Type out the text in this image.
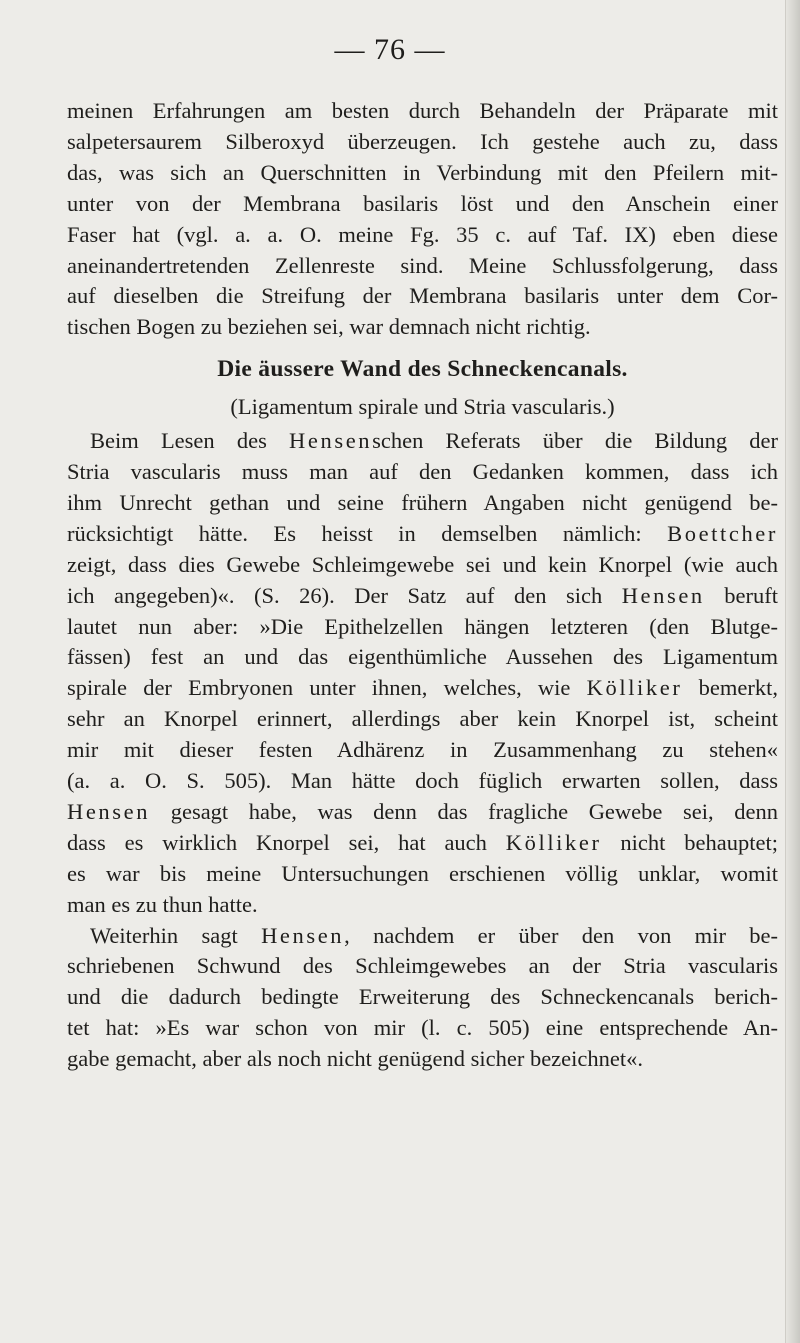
— 76 —

meinen Erfahrungen am besten durch Behandeln der Präparate mit

salpetersaurem Silberoxyd überzeugen. Ich gestehe auch zu, dass

das, was sich an Querschnitten in Verbindung mit den Pfeilern mit-

unter von der Membrana basilaris löst und den Anschein einer

Faser hat (vgl. a. a. O. meine Fg. 35 c. auf Taf. IX) eben diese

aneinandertretenden Zellenreste sind. Meine Schlussfolgerung, dass

auf dieselben die Streifung der Membrana basilaris unter dem Cor-

tischen Bogen zu beziehen sei, war demnach nicht richtig.

Die äussere Wand des Schneckencanals.

(Ligamentum spirale und Stria vascularis.)

Beim Lesen des Hensenschen Referats über die Bildung der

Stria vascularis muss man auf den Gedanken kommen, dass ich

ihm Unrecht gethan und seine frühern Angaben nicht genügend be-

rücksichtigt hätte. Es heisst in demselben nämlich: Boettcher

zeigt, dass dies Gewebe Schleimgewebe sei und kein Knorpel (wie auch

ich angegeben)«. (S. 26). Der Satz auf den sich Hensen beruft

lautet nun aber: »Die Epithelzellen hängen letzteren (den Blutge-

fässen) fest an und das eigenthümliche Aussehen des Ligamentum

spirale der Embryonen unter ihnen, welches, wie Kölliker bemerkt,

sehr an Knorpel erinnert, allerdings aber kein Knorpel ist, scheint

mir mit dieser festen Adhärenz in Zusammenhang zu stehen«

(a. a. O. S. 505). Man hätte doch füglich erwarten sollen, dass

Hensen gesagt habe, was denn das fragliche Gewebe sei, denn

dass es wirklich Knorpel sei, hat auch Kölliker nicht behauptet;

es war bis meine Untersuchungen erschienen völlig unklar, womit

man es zu thun hatte.

Weiterhin sagt Hensen, nachdem er über den von mir be-

schriebenen Schwund des Schleimgewebes an der Stria vascularis

und die dadurch bedingte Erweiterung des Schneckencanals berich-

tet hat: »Es war schon von mir (l. c. 505) eine entsprechende An-

gabe gemacht, aber als noch nicht genügend sicher bezeichnet«.
